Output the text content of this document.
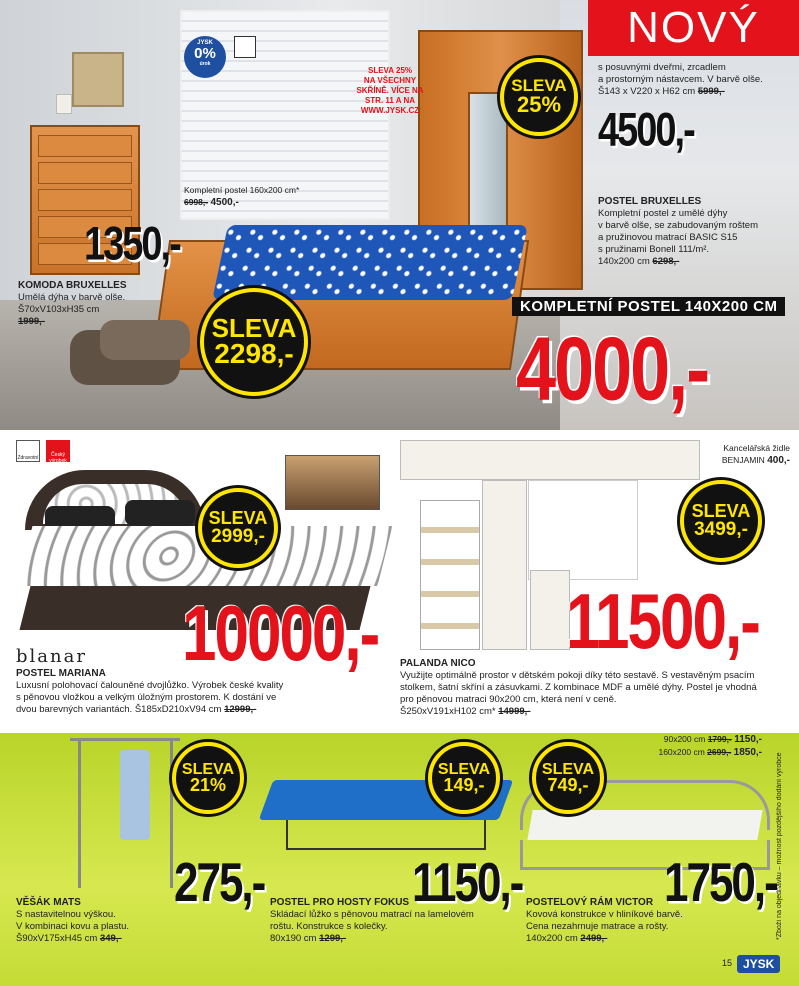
NOVÝ
JYSK
0%
úrok
SLEVA 25%
NA VŠECHNY
SKŘÍNĚ. VÍCE NA
STR. 11 A NA
WWW.JYSK.CZ
SLEVA
25%
s posuvnými dveřmi, zrcadlem
a prostorným nástavcem. V barvě olše.
Š143 x V220 x H62 cm 5999,-
4500,-
Kompletní postel 160x200 cm*
6998,- 4500,-
1350,-
KOMODA BRUXELLES
Umělá dýha v barvě olše.
Š70xV103xH35 cm
1999,-
POSTEL BRUXELLES
Kompletní postel z umělé dýhy
v barvě olše, se zabudovaným roštem
a pružinovou matrací BASIC S15
s pružinami Bonell 111/m².
140x200 cm 6298,-
SLEVA
2298,-
KOMPLETNÍ POSTEL 140X200 CM
4000,-
Zdravotní	Český výrobek
SLEVA
2999,-
10000,-
blanar
POSTEL MARIANA
Luxusní polohovací čalouněné dvojlůžko. Výrobek české kvality
s pěnovou vložkou a velkým úložným prostorem. K dostání ve
dvou barevných variantách. Š185xD210xV94 cm 12999,-
Kancelářská židle
BENJAMIN 400,-
SLEVA
3499,-
11500,-
PALANDA NICO
Využijte optimálně prostor v dětském pokoji díky této sestavě. S vestavěným psacím
stolkem, šatní skříní a zásuvkami. Z kombinace MDF a umělé dýhy. Postel je vhodná
pro pěnovou matraci 90x200 cm, která není v ceně.
Š250xV191xH102 cm* 14999,-
SLEVA
21%
275,-
VĚŠÁK MATS
S nastavitelnou výškou.
V kombinaci kovu a plastu.
Š90xV175xH45 cm 349,-
SLEVA
149,-
1150,-
POSTEL PRO HOSTY FOKUS
Skládací lůžko s pěnovou matrací na lamelovém
roštu. Konstrukce s kolečky.
80x190 cm 1299,-
90x200 cm 1799,- 1150,-
160x200 cm 2699,- 1850,-
SLEVA
749,-
1750,-
POSTELOVÝ RÁM VICTOR
Kovová konstrukce v hliníkové barvě.
Cena nezahrnuje matrace a rošty.
140x200 cm 2499,-	*Zboží na objednávku – možnost pozdějšího dodání výrobce
15 JYSK
